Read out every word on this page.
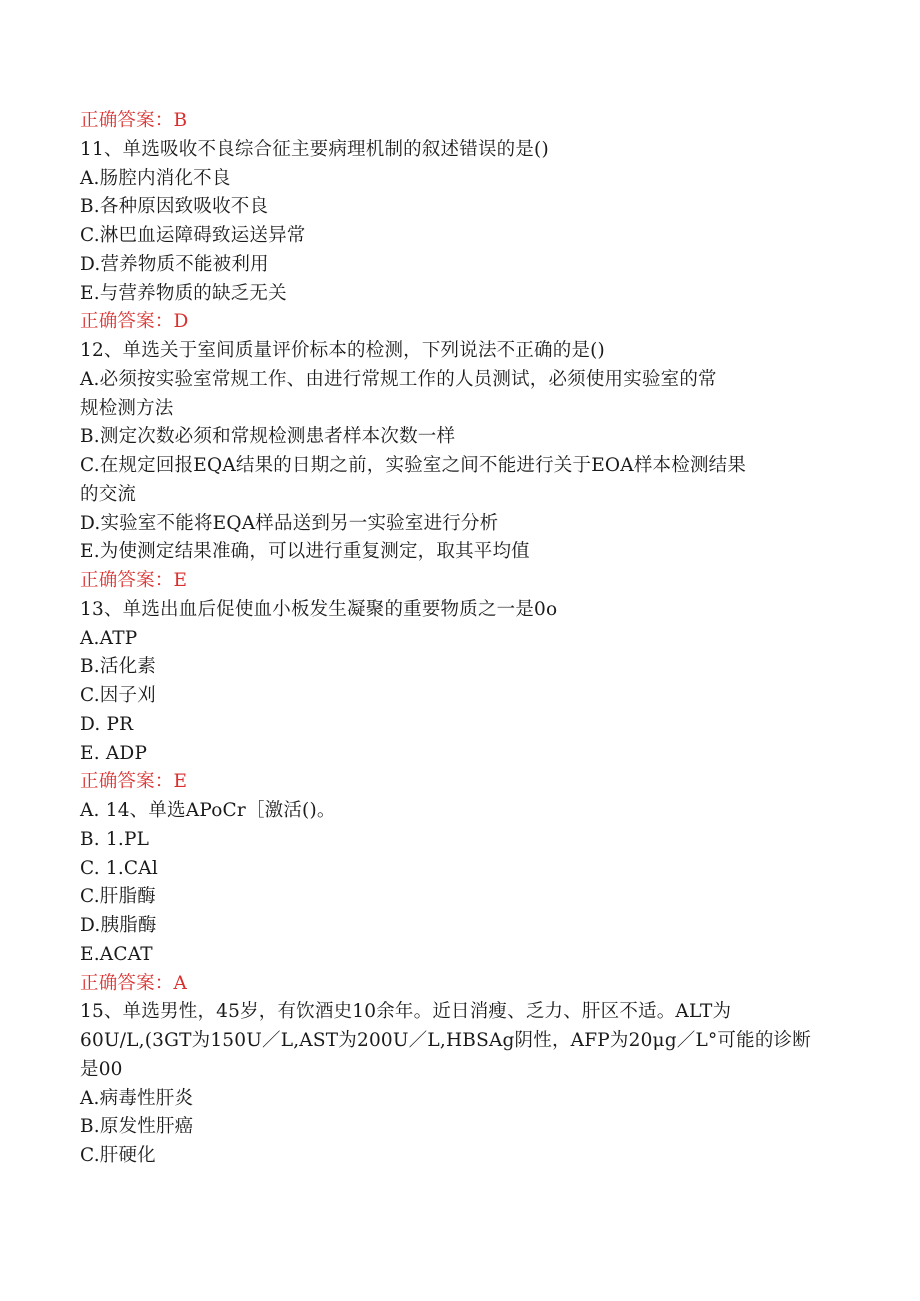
正确答案：B
11、单选吸收不良综合征主要病理机制的叙述错误的是()
A.肠腔内消化不良
B.各种原因致吸收不良
C.淋巴血运障碍致运送异常
D.营养物质不能被利用
E.与营养物质的缺乏无关
正确答案：D
12、单选关于室间质量评价标本的检测，下列说法不正确的是()
A.必须按实验室常规工作、由进行常规工作的人员测试，必须使用实验室的常
规检测方法
B.测定次数必须和常规检测患者样本次数一样
C.在规定回报EQA结果的日期之前，实验室之间不能进行关于EOA样本检测结果
的交流
D.实验室不能将EQA样品送到另一实验室进行分析
E.为使测定结果准确，可以进行重复测定，取其平均值
正确答案：E
13、单选出血后促使血小板发生凝聚的重要物质之一是0o
A.ATP
B.活化素
C.因子刈
D. PR
E. ADP
正确答案：E
A. 14、单选APoCr［激活()。
B. 1.PL
C. 1.CAl
C.肝脂酶
D.胰脂酶
E.ACAT
正确答案：A
15、单选男性，45岁，有饮酒史10余年。近日消瘦、乏力、肝区不适。ALT为
60U/L,(3GT为150U／L,AST为200U／L,HBSAg阴性，AFP为20μg／L°可能的诊断
是00
A.病毒性肝炎
B.原发性肝癌
C.肝硬化
